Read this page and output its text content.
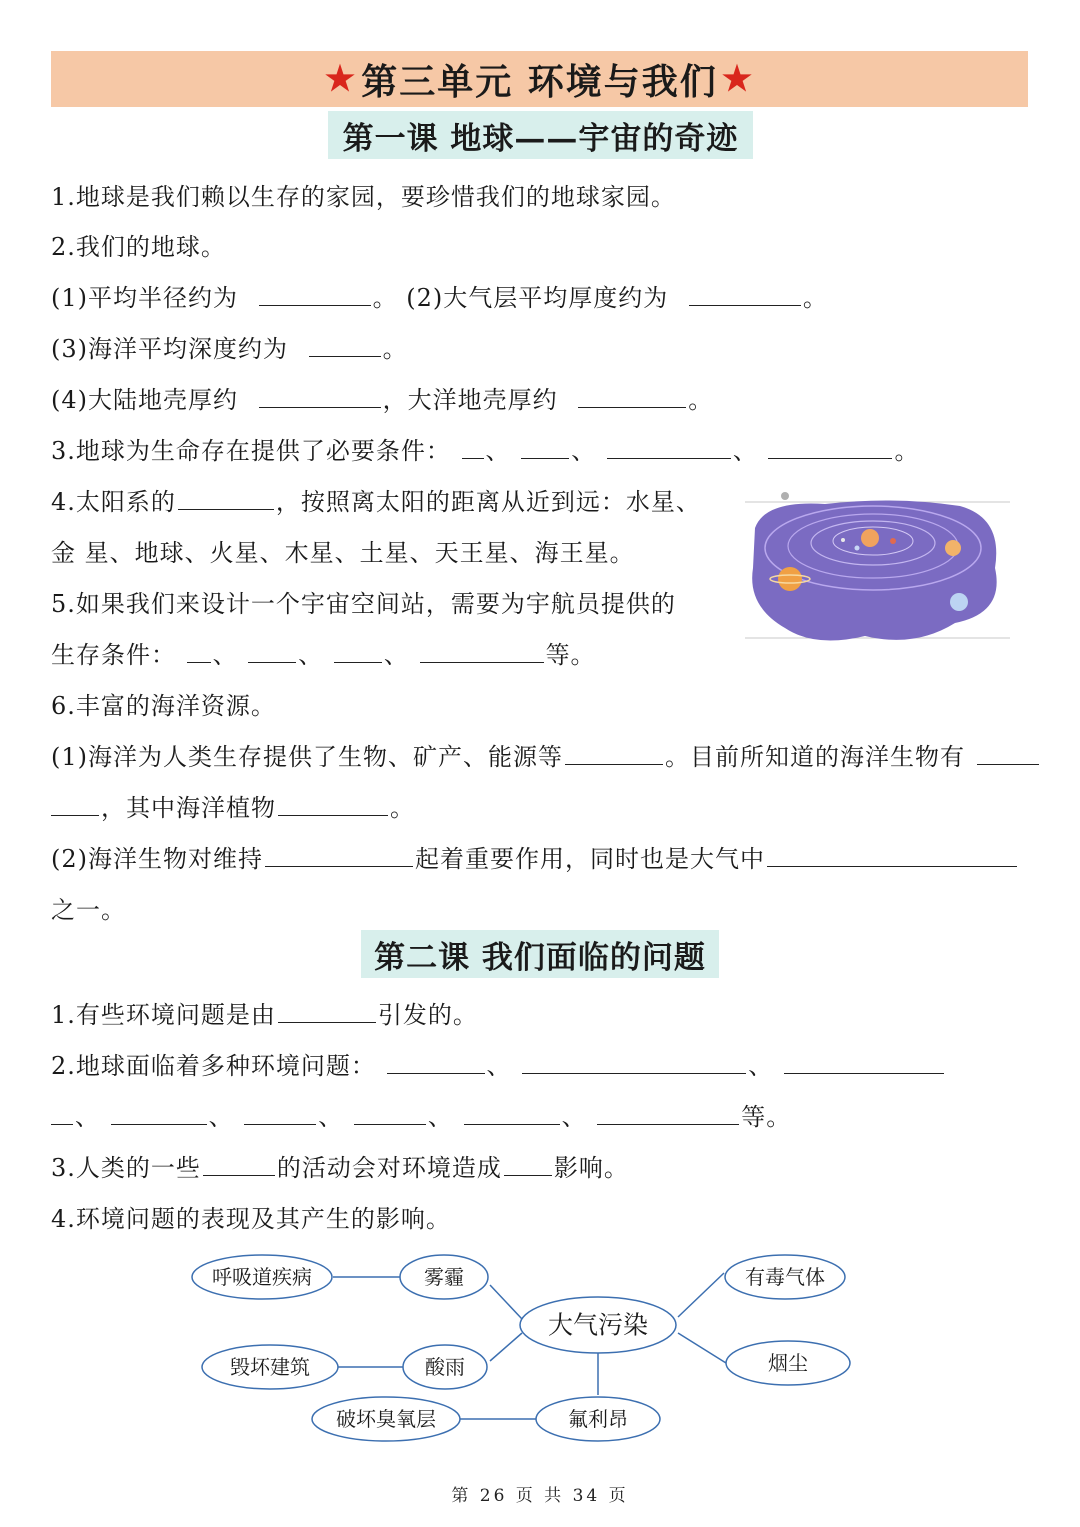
★ 第三单元 环境与我们 ★
第一课 地球——宇宙的奇迹
1.地球是我们赖以生存的家园，要珍惜我们的地球家园。
2.我们的地球。
(1)平均半径约为	。 (2)大气层平均厚度约为	。
(3)海洋平均深度约为	。
(4)大陆地壳厚约	，大洋地壳厚约	。
3.地球为生命存在提供了必要条件： 、	、	、	。
4.太阳系的	，按照离太阳的距离从近到远：水星、
金 星、地球、火星、木星、土星、天王星、海王星。
5.如果我们来设计一个宇宙空间站，需要为宇航员提供的
生存条件： 、	、	、	等。
6.丰富的海洋资源。
(1)海洋为人类生存提供了生物、矿产、能源等	。目前所知道的海洋生物有
，其中海洋植物	。
(2)海洋生物对维持	起着重要作用，同时也是大气中
之一。
第二课 我们面临的问题
1.有些环境问题是由	引发的。
2.地球面临着多种环境问题：	、	、
、	、	、	、	、	等。
3.人类的一些	的活动会对环境造成 影响。
4.环境问题的表现及其产生的影响。
呼吸道疾病	雾霾
大气污染
有毒气体
毁坏建筑	酸雨	烟尘
破坏臭氧层	氟利昂
第 26 页 共 34 页
